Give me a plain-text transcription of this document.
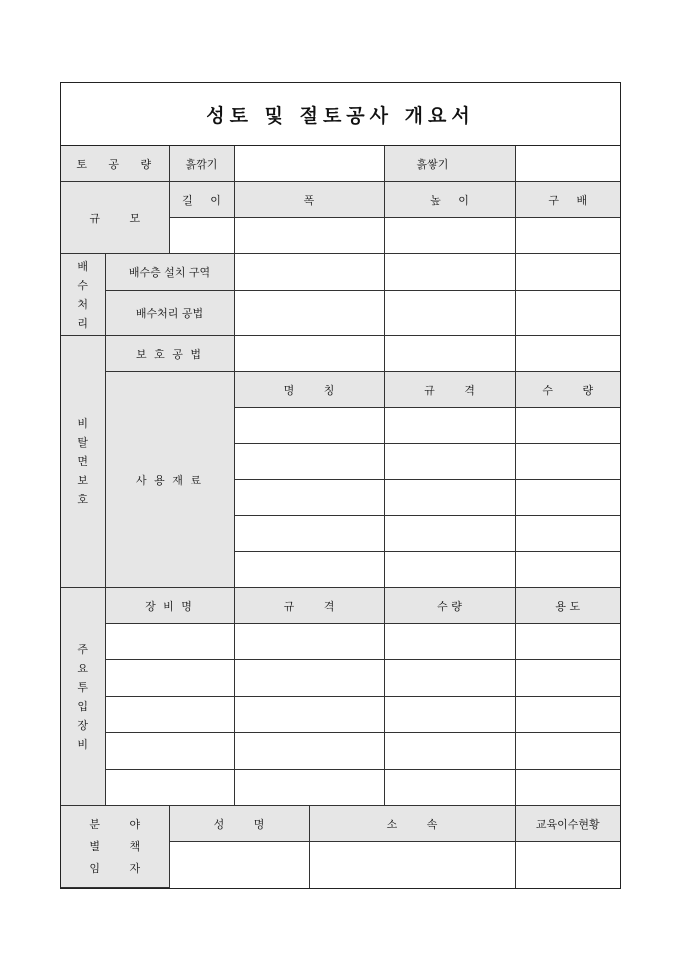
성토 및 절토공사 개요서
토 공 량		흙깎기			흙쌓기	
규 모		길 이	폭		높 이	구 배

배 수 처 리	배수층 설치 구역					
	배수처리 공법					
비 탈 면 보 호	보 호 공 법					
	사 용 재 료		명 칭		규 격	수 량

주 요 투 입 장 비	장 비 명		규 격		수 량	용 도

분 야 별 책 임 자		성 명		소 속		교육이수현황
